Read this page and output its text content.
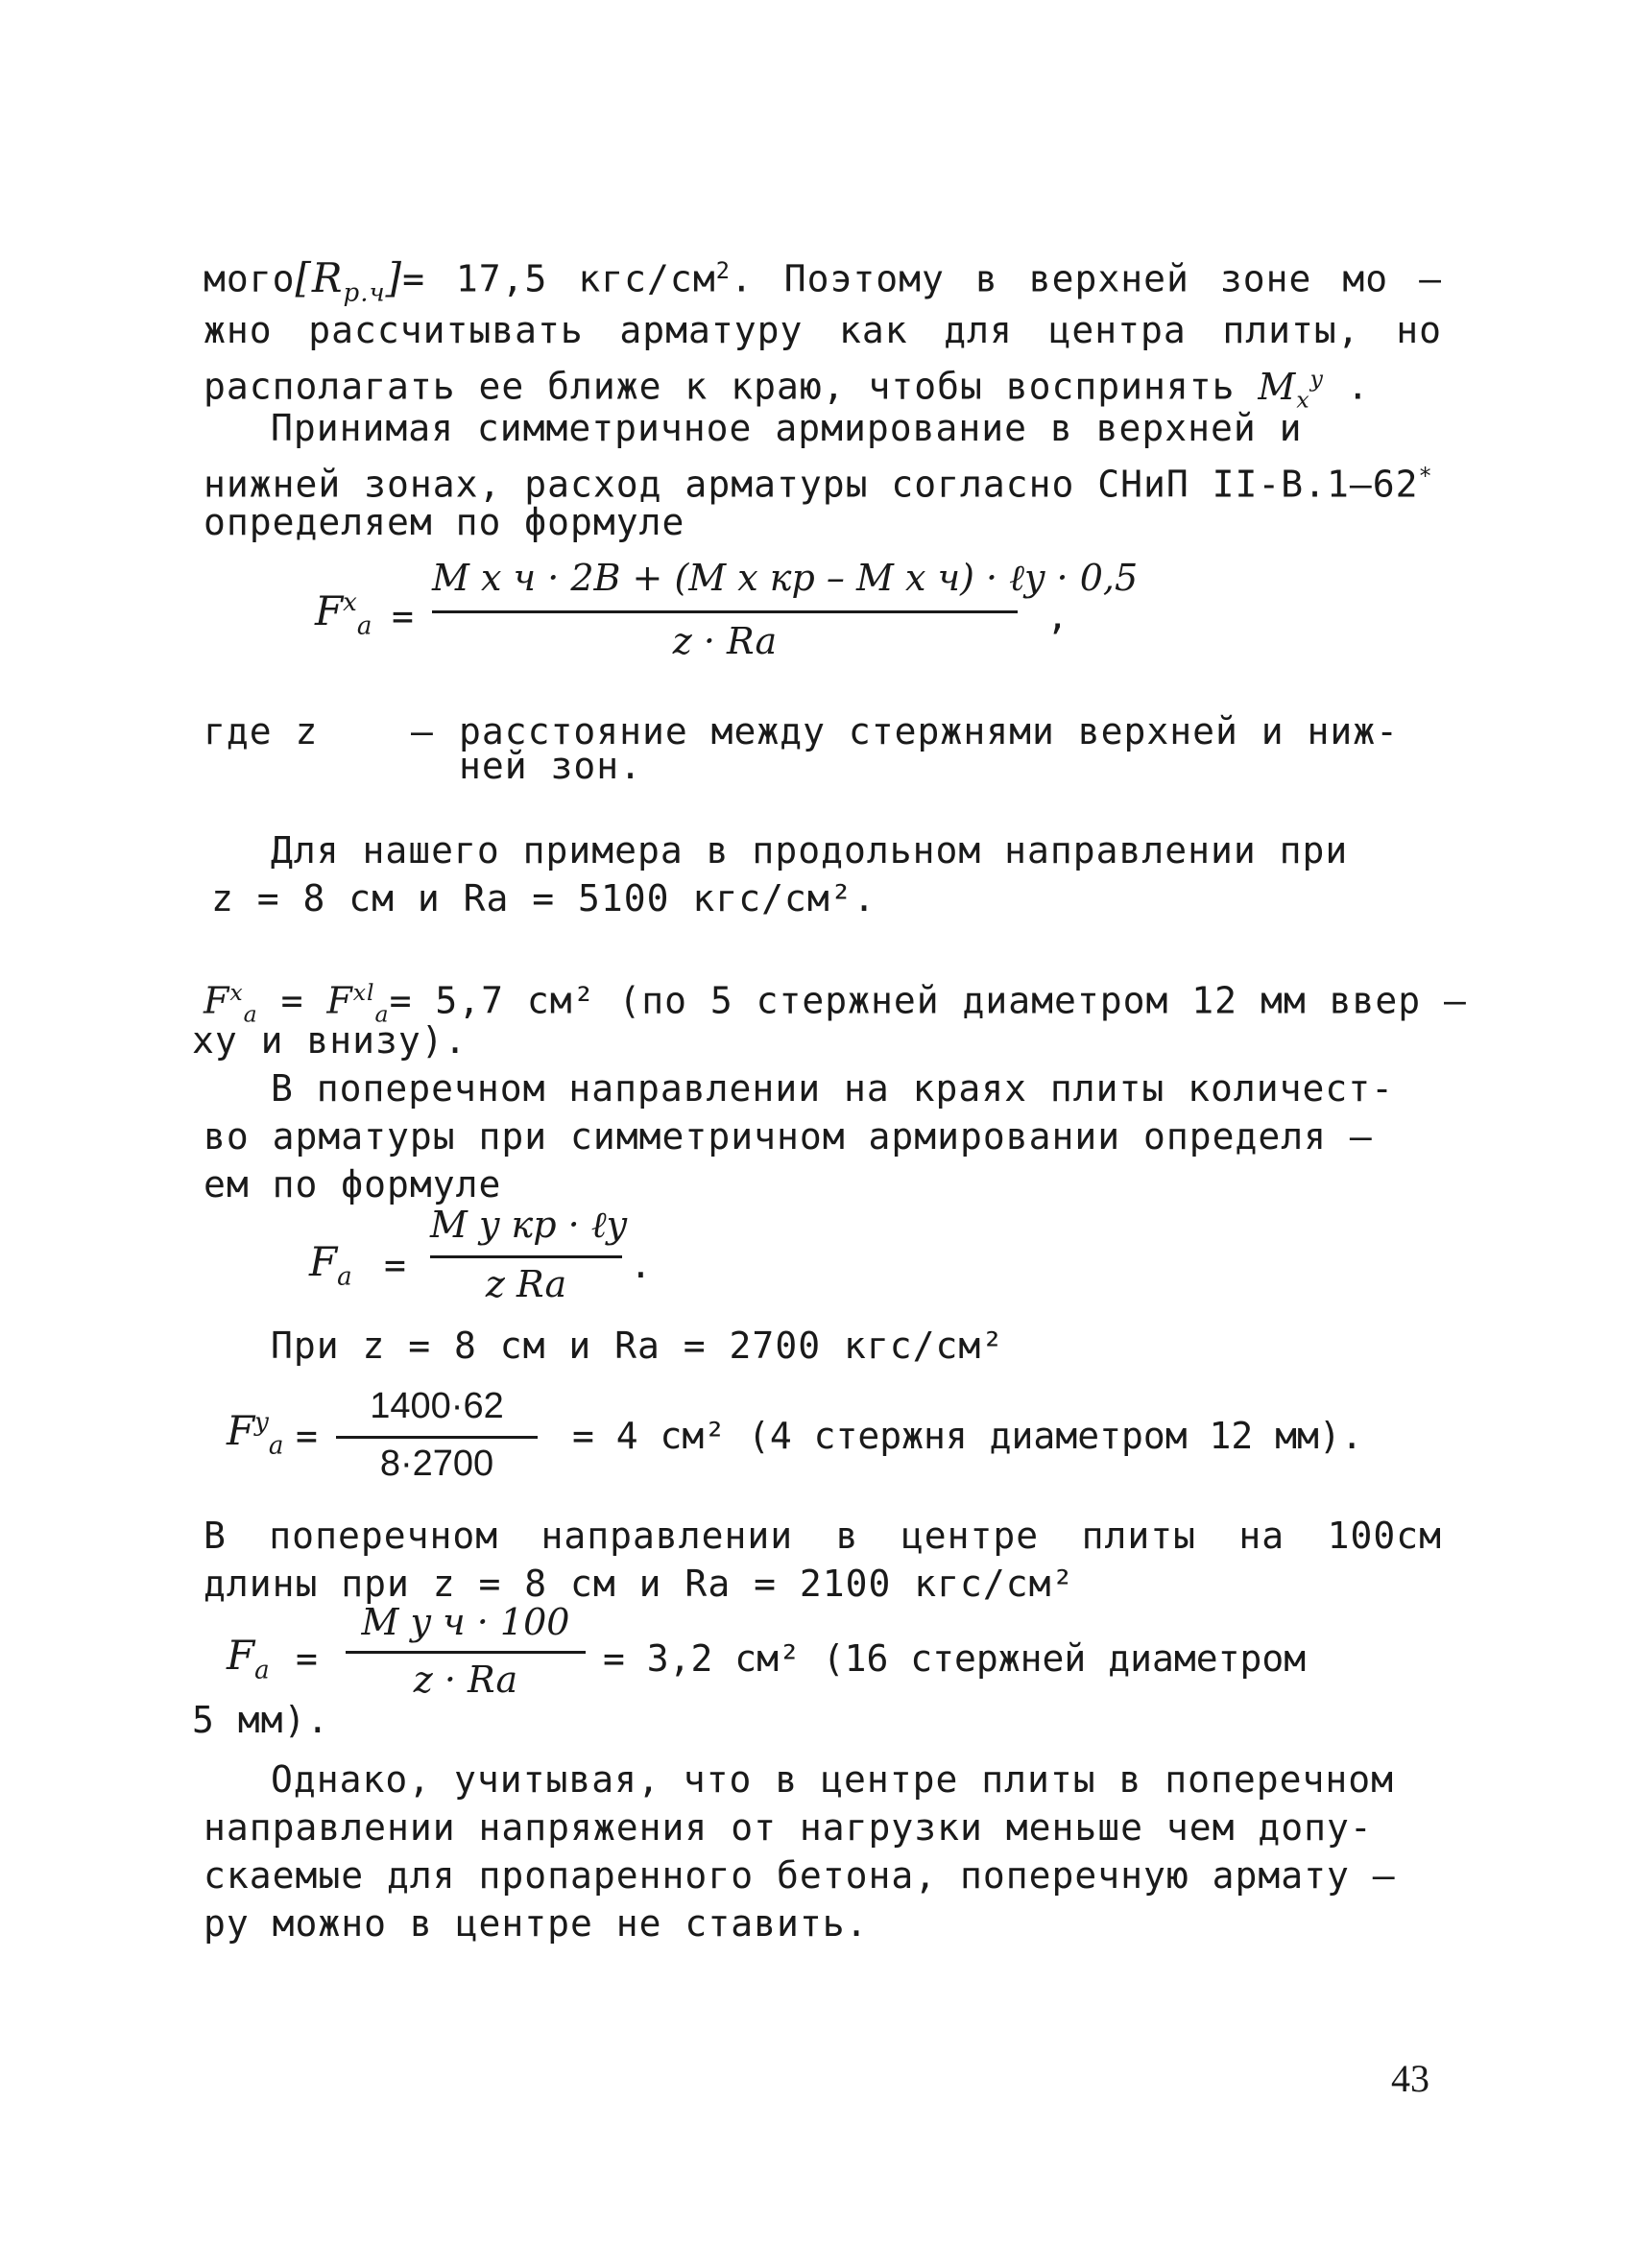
$могo[R_{р.ч}]= 17,5$ кгс/$см^2$. Поэтому в верхней зоне мо –
жно рассчитывать арматуру как для центра плиты, но
располагать ее ближе к краю, чтобы воспринять $M_x^y$ .
Принимая симметричное армирование в верхней и
нижней зонах, расход арматуры согласно СНиП II-В.1–62*
определяем по формуле
$F^x_a$ =
M x ч · 2B + (M x кр – M x ч) · ℓy · 0,5
z · Ra
,
где z	– расстояние между стержнями верхней и ниж-
ней зон.
Для нашего примера в продольном направлении при
z = 8 см и Ra = 5100 кгс/см².
$F^x_a = F^{xl}_a= 5,7$ см² (по 5 стержней диаметром 12 мм ввер –
ху и внизу).
В поперечном направлении на краях плиты количест-
во арматуры при симметричном армировании определя –
ем по формуле
$F_a$ =
M y кр · ℓy
z Ra	.
При z = 8 см и Ra = 2700 кгс/см²
$F^y_a$ =
1400·62
8·2700
= 4 см² (4 стержня диаметром 12 мм).
В поперечном направлении в центре плиты на 100см
длины при z = 8 см и Ra = 2100 кгс/см²
$F_a$ =
M y ч · 100
z · Ra	= 3,2 см² (16 стержней диаметром
5 мм).
Однако, учитывая, что в центре плиты в поперечном
направлении напряжения от нагрузки меньше чем допу-
скаемые для пропаренного бетона, поперечную армату –
ру можно в центре не ставить.
43
